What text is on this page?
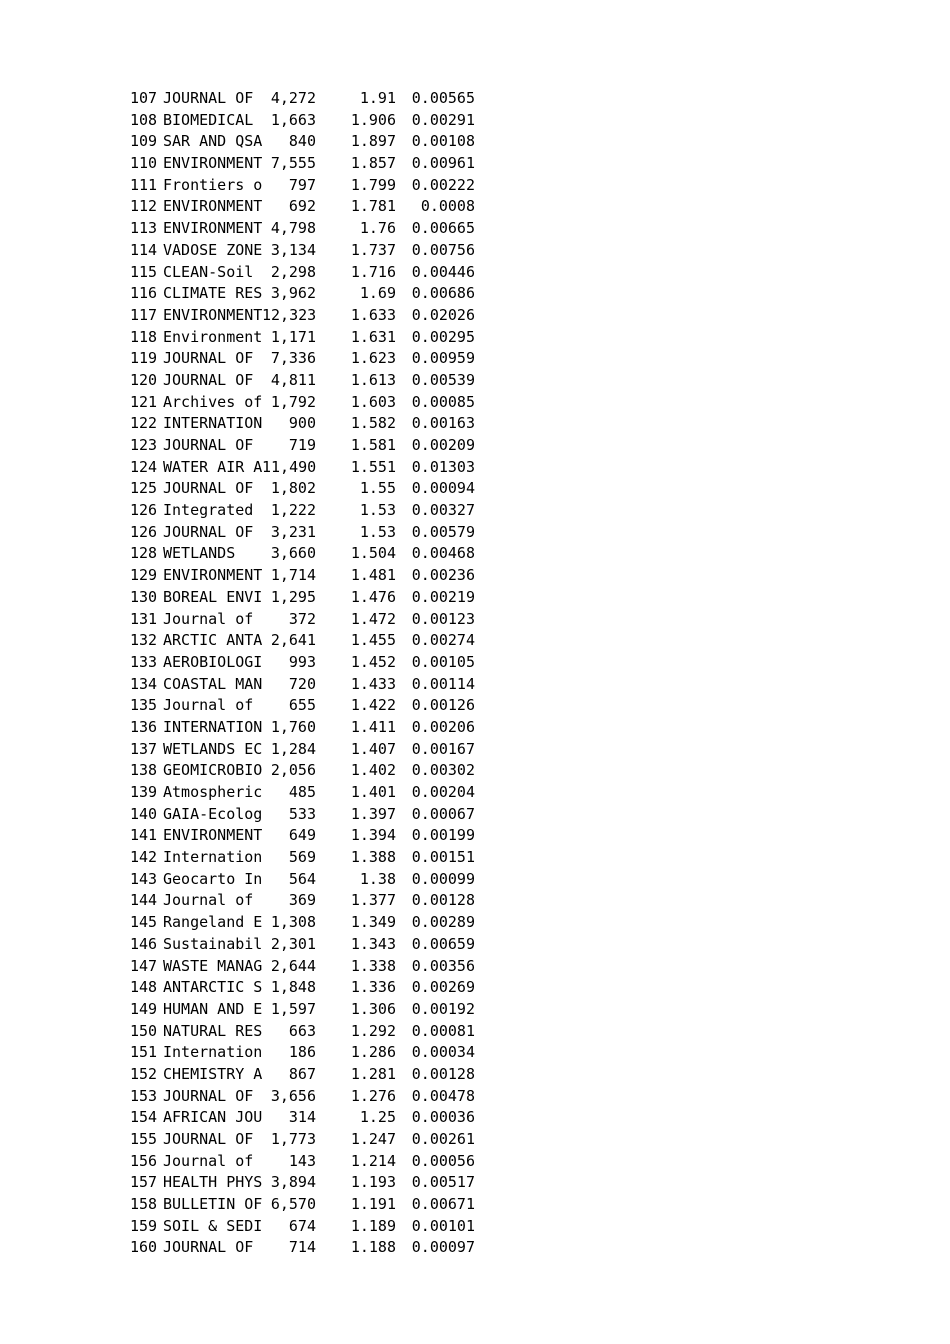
107 JOURNAL OF	4,272	1.91 0.00565
108 BIOMEDICAL	1,663	1.906 0.00291
109 SAR AND QSA	840	1.897 0.00108
110 ENVIRONMENT 7,555	1.857 0.00961
111 Frontiers o	797	1.799 0.00222
112 ENVIRONMENT	692	1.781	0.0008
113 ENVIRONMENT 4,798	1.76 0.00665
114 VADOSE ZONE 3,134	1.737 0.00756
115 CLEAN-Soil	2,298	1.716 0.00446
116 CLIMATE RES 3,962	1.69 0.00686
117 ENVIRONMENT 12,323	1.633 0.02026
118 Environment 1,171	1.631 0.00295
119 JOURNAL OF	7,336	1.623 0.00959
120 JOURNAL OF	4,811	1.613 0.00539
121 Archives of 1,792	1.603 0.00085
122 INTERNATION	900	1.582 0.00163
123 JOURNAL OF	719	1.581 0.00209
124 WATER AIR A 11,490	1.551 0.01303
125 JOURNAL OF	1,802	1.55 0.00094
126 Integrated	1,222	1.53 0.00327
126 JOURNAL OF	3,231	1.53 0.00579
128 WETLANDS	3,660	1.504 0.00468
129 ENVIRONMENT 1,714	1.481 0.00236
130 BOREAL ENVI 1,295	1.476 0.00219
131 Journal of	372	1.472 0.00123
132 ARCTIC ANTA 2,641	1.455 0.00274
133 AEROBIOLOGI	993	1.452 0.00105
134 COASTAL MAN	720	1.433 0.00114
135 Journal of	655	1.422 0.00126
136 INTERNATION 1,760	1.411 0.00206
137 WETLANDS EC 1,284	1.407 0.00167
138 GEOMICROBIO 2,056	1.402 0.00302
139 Atmospheric	485	1.401 0.00204
140 GAIA-Ecolog	533	1.397 0.00067
141 ENVIRONMENT	649	1.394 0.00199
142 Internation	569	1.388 0.00151
143 Geocarto In	564	1.38 0.00099
144 Journal of	369	1.377 0.00128
145 Rangeland E 1,308	1.349 0.00289
146 Sustainabil 2,301	1.343 0.00659
147 WASTE MANAG 2,644	1.338 0.00356
148 ANTARCTIC S 1,848	1.336 0.00269
149 HUMAN AND E 1,597	1.306 0.00192
150 NATURAL RES	663	1.292 0.00081
151 Internation	186	1.286 0.00034
152 CHEMISTRY A	867	1.281 0.00128
153 JOURNAL OF	3,656	1.276 0.00478
154 AFRICAN JOU	314	1.25 0.00036
155 JOURNAL OF	1,773	1.247 0.00261
156 Journal of	143	1.214 0.00056
157 HEALTH PHYS 3,894	1.193 0.00517
158 BULLETIN OF 6,570	1.191 0.00671
159 SOIL & SEDI	674	1.189 0.00101
160 JOURNAL OF	714	1.188 0.00097
